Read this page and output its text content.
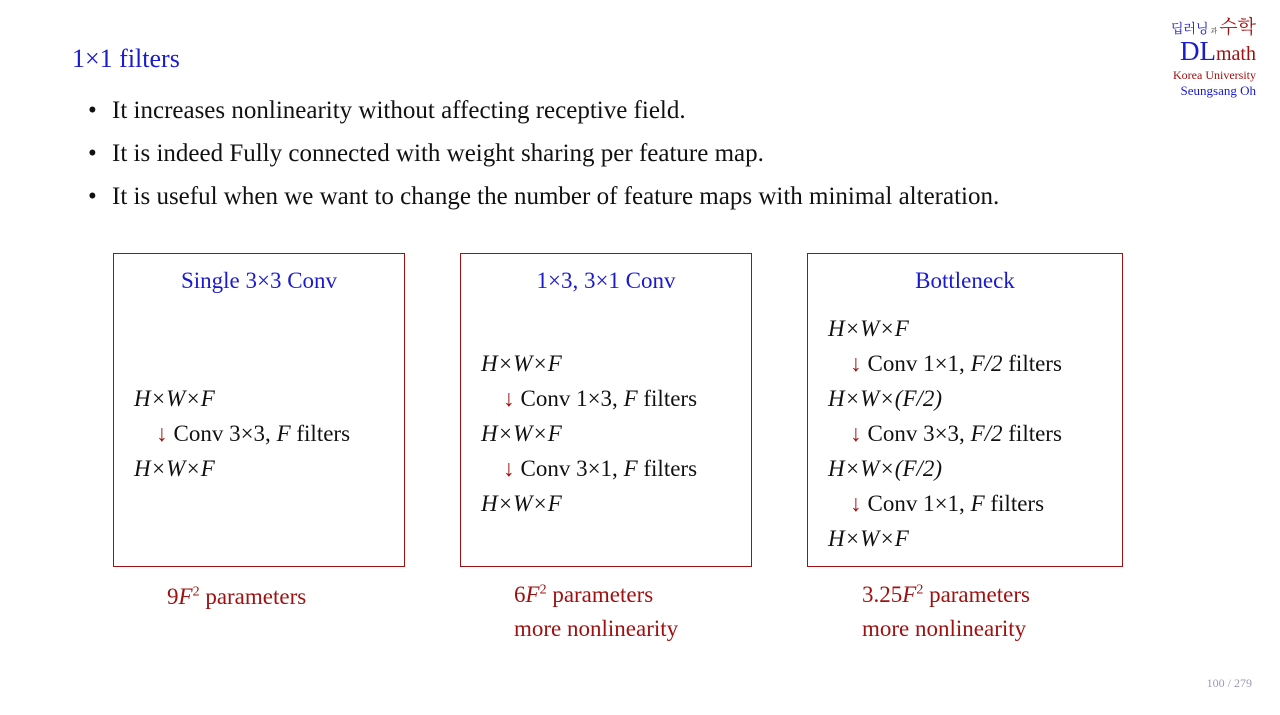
1×1 filters
딥러닝 과 수학
DL math
Korea University
Seungsang Oh
• It increases nonlinearity without affecting receptive field.
• It is indeed Fully connected with weight sharing per feature map.
• It is useful when we want to change the number of feature maps with minimal alteration.
Single 3×3 Conv
H×W×F
↓ Conv 3×3, F filters
H×W×F
$9F^2$ parameters
1×3, 3×1 Conv
H×W×F
↓ Conv 1×3, F filters
H×W×F
↓ Conv 3×1, F filters
H×W×F
$6F^2$ parameters
more nonlinearity
Bottleneck
H×W×F
↓ Conv 1×1, F/2 filters
H×W×(F/2)
↓ Conv 3×3, F/2 filters
H×W×(F/2)
↓ Conv 1×1, F filters
H×W×F
$3.25F^2$ parameters
more nonlinearity
100 / 279
